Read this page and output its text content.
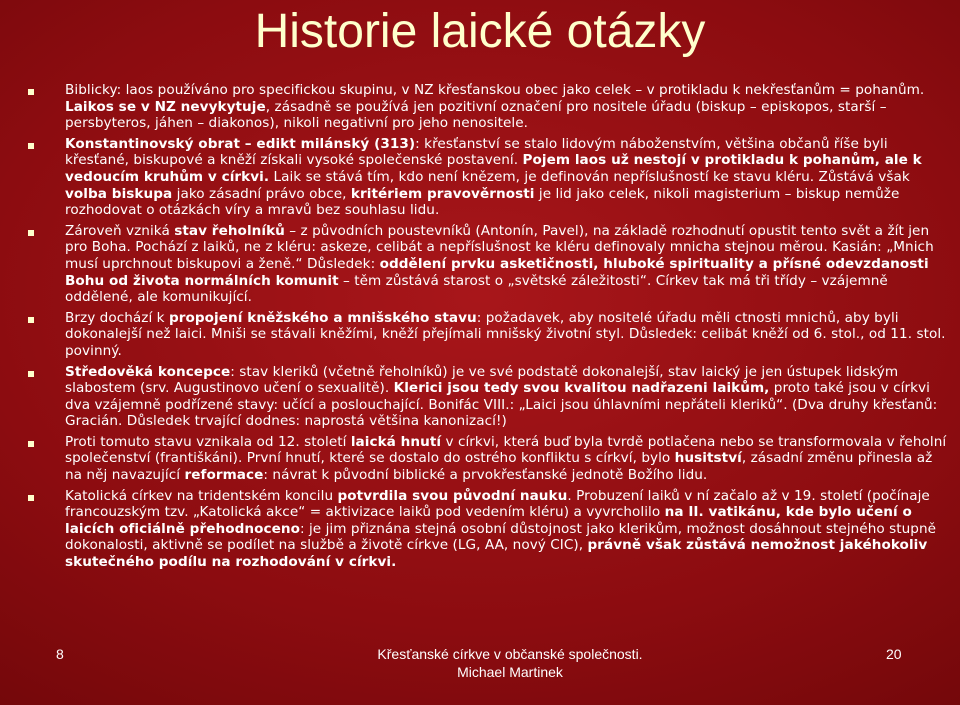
Historie laické otázky
Biblicky: laos používáno pro specifickou skupinu, v NZ křesťanskou obec jako celek – v protikladu k nekřesťanům = pohanům. Laikos se v NZ nevykytuje, zásadně se používá jen pozitivní označení pro nositele úřadu (biskup – episkopos, starší – persbyteros, jáhen – diakonos), nikoli negativní pro jeho nenositele.
Konstantinovský obrat – edikt milánský (313): křesťanství se stalo lidovým náboženstvím, většina občanů říše byli křesťané, biskupové a kněží získali vysoké společenské postavení. Pojem laos už nestojí v protikladu k pohanům, ale k vedoucím kruhům v církvi. Laik se stává tím, kdo není knězem, je definován nepříslušností ke stavu kléru. Zůstává však volba biskupa jako zásadní právo obce, kritériem pravověrnosti je lid jako celek, nikoli magisterium – biskup nemůže rozhodovat o otázkách víry a mravů bez souhlasu lidu.
Zároveň vzniká stav řeholníků – z původních poustevníků (Antonín, Pavel), na základě rozhodnutí opustit tento svět a žít jen pro Boha. Pochází z laiků, ne z kléru: askeze, celibát a nepříslušnost ke kléru definovaly mnicha stejnou měrou. Kasián: „Mnich musí uprchnout biskupovi a ženě.“ Důsledek: oddělení prvku asketičnosti, hluboké spirituality a přísné odevzdanosti Bohu od života normálních komunit – těm zůstává starost o „světské záležitosti“. Církev tak má tři třídy – vzájemně oddělené, ale komunikující.
Brzy dochází k propojení kněžského a mnišského stavu: požadavek, aby nositelé úřadu měli ctnosti mnichů, aby byli dokonalejší než laici. Mniši se stávali kněžími, kněží přejímali mnišský životní styl. Důsledek: celibát kněží od 6. stol., od 11. stol. povinný.
Středověká koncepce: stav kleriků (včetně řeholníků) je ve své podstatě dokonalejší, stav laický je jen ústupek lidským slabostem (srv. Augustinovo učení o sexualitě). Klerici jsou tedy svou kvalitou nadřazeni laikům, proto také jsou v církvi dva vzájemně podřízené stavy: učící a poslouchající. Bonifác VIII.: „Laici jsou úhlavními nepřáteli kleriků“. (Dva druhy křesťanů: Gracián. Důsledek trvající dodnes: naprostá většina kanonizací!)
Proti tomuto stavu vznikala od 12. století laická hnutí v církvi, která buď byla tvrdě potlačena nebo se transformovala v řeholní společenství (františkáni). První hnutí, které se dostalo do ostrého konfliktu s církví, bylo husitství, zásadní změnu přinesla až na něj navazující reformace: návrat k původní biblické a prvokřesťanské jednotě Božího lidu.
Katolická církev na tridentském koncilu potvrdila svou původní nauku. Probuzení laiků v ní začalo až v 19. století (počínaje francouzským tzv. „Katolická akce“ = aktivizace laiků pod vedením kléru) a vyvrcholilo na II. vatikánu, kde bylo učení o laicích oficiálně přehodnoceno: je jim přiznána stejná osobní důstojnost jako klerikům, možnost dosáhnout stejného stupně dokonalosti, aktivně se podílet na službě a životě církve (LG, AA, nový CIC), právně však zůstává nemožnost jakéhokoliv skutečného podílu na rozhodování v církvi.
8	Křesťanské církve v občanské společnosti.
Michael Martinek
20
